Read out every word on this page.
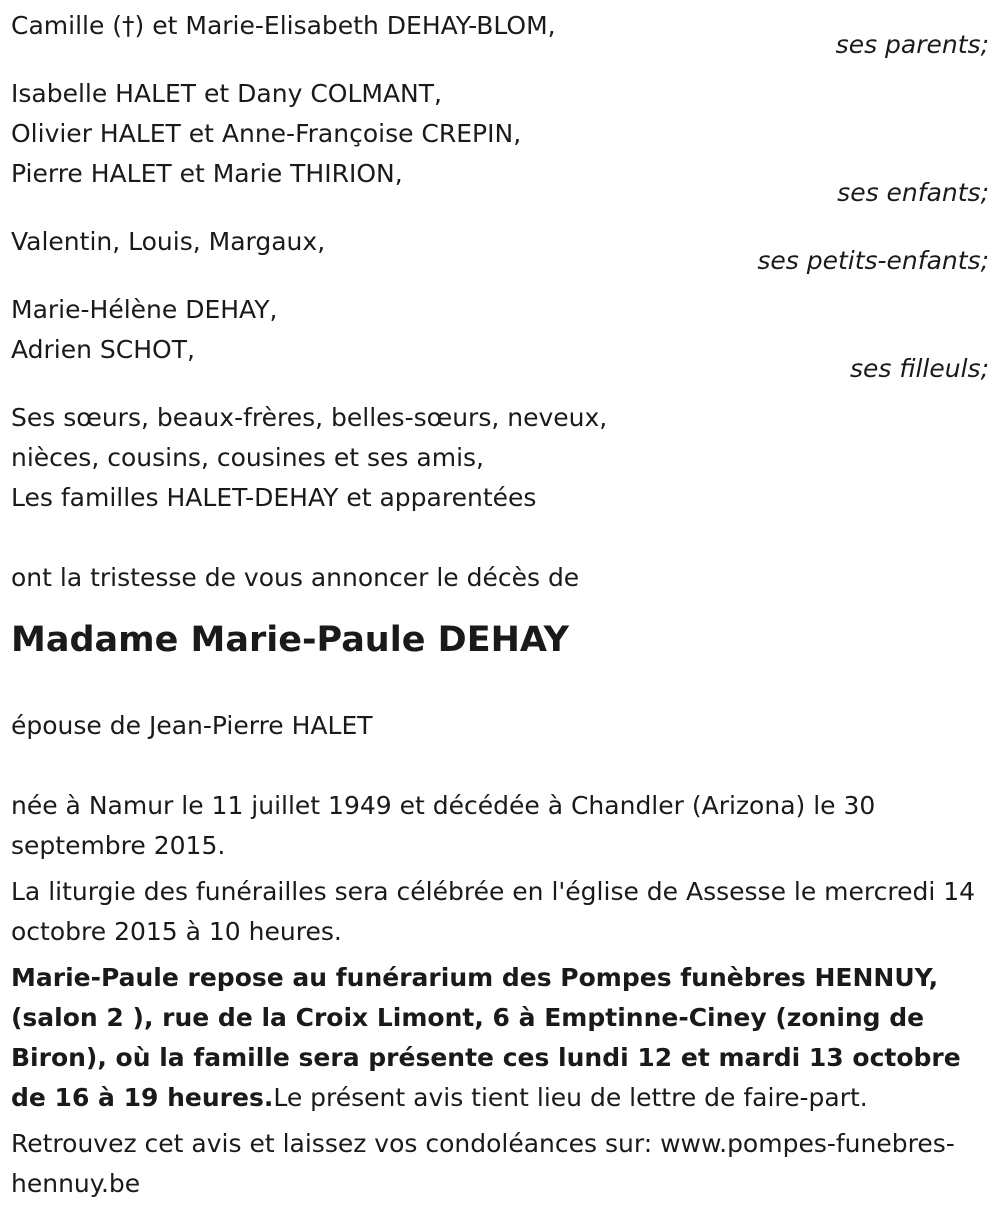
Camille (†) et Marie-Elisabeth DEHAY-BLOM,
ses parents;
Isabelle HALET et Dany COLMANT,
Olivier HALET et Anne-Françoise CREPIN,
Pierre HALET et Marie THIRION,
ses enfants;
Valentin, Louis, Margaux,
ses petits-enfants;
Marie-Hélène DEHAY,
Adrien SCHOT,
ses filleuls;
Ses sœurs, beaux-frères, belles-sœurs, neveux,
nièces, cousins, cousines et ses amis,
Les familles HALET-DEHAY et apparentées
ont la tristesse de vous annoncer le décès de
Madame Marie-Paule DEHAY
épouse de Jean-Pierre HALET
née à Namur le 11 juillet 1949 et décédée à Chandler (Arizona) le 30 septembre 2015.
La liturgie des funérailles sera célébrée en l'église de Assesse le mercredi 14 octobre 2015 à 10 heures.
Marie-Paule repose au funérarium des Pompes funèbres HENNUY, (salon 2 ), rue de la Croix Limont, 6 à Emptinne-Ciney (zoning de Biron), où la famille sera présente ces lundi 12 et mardi 13 octobre de 16 à 19 heures.Le présent avis tient lieu de lettre de faire-part.
Retrouvez cet avis et laissez vos condoléances sur: www.pompes-funebres-hennuy.be
